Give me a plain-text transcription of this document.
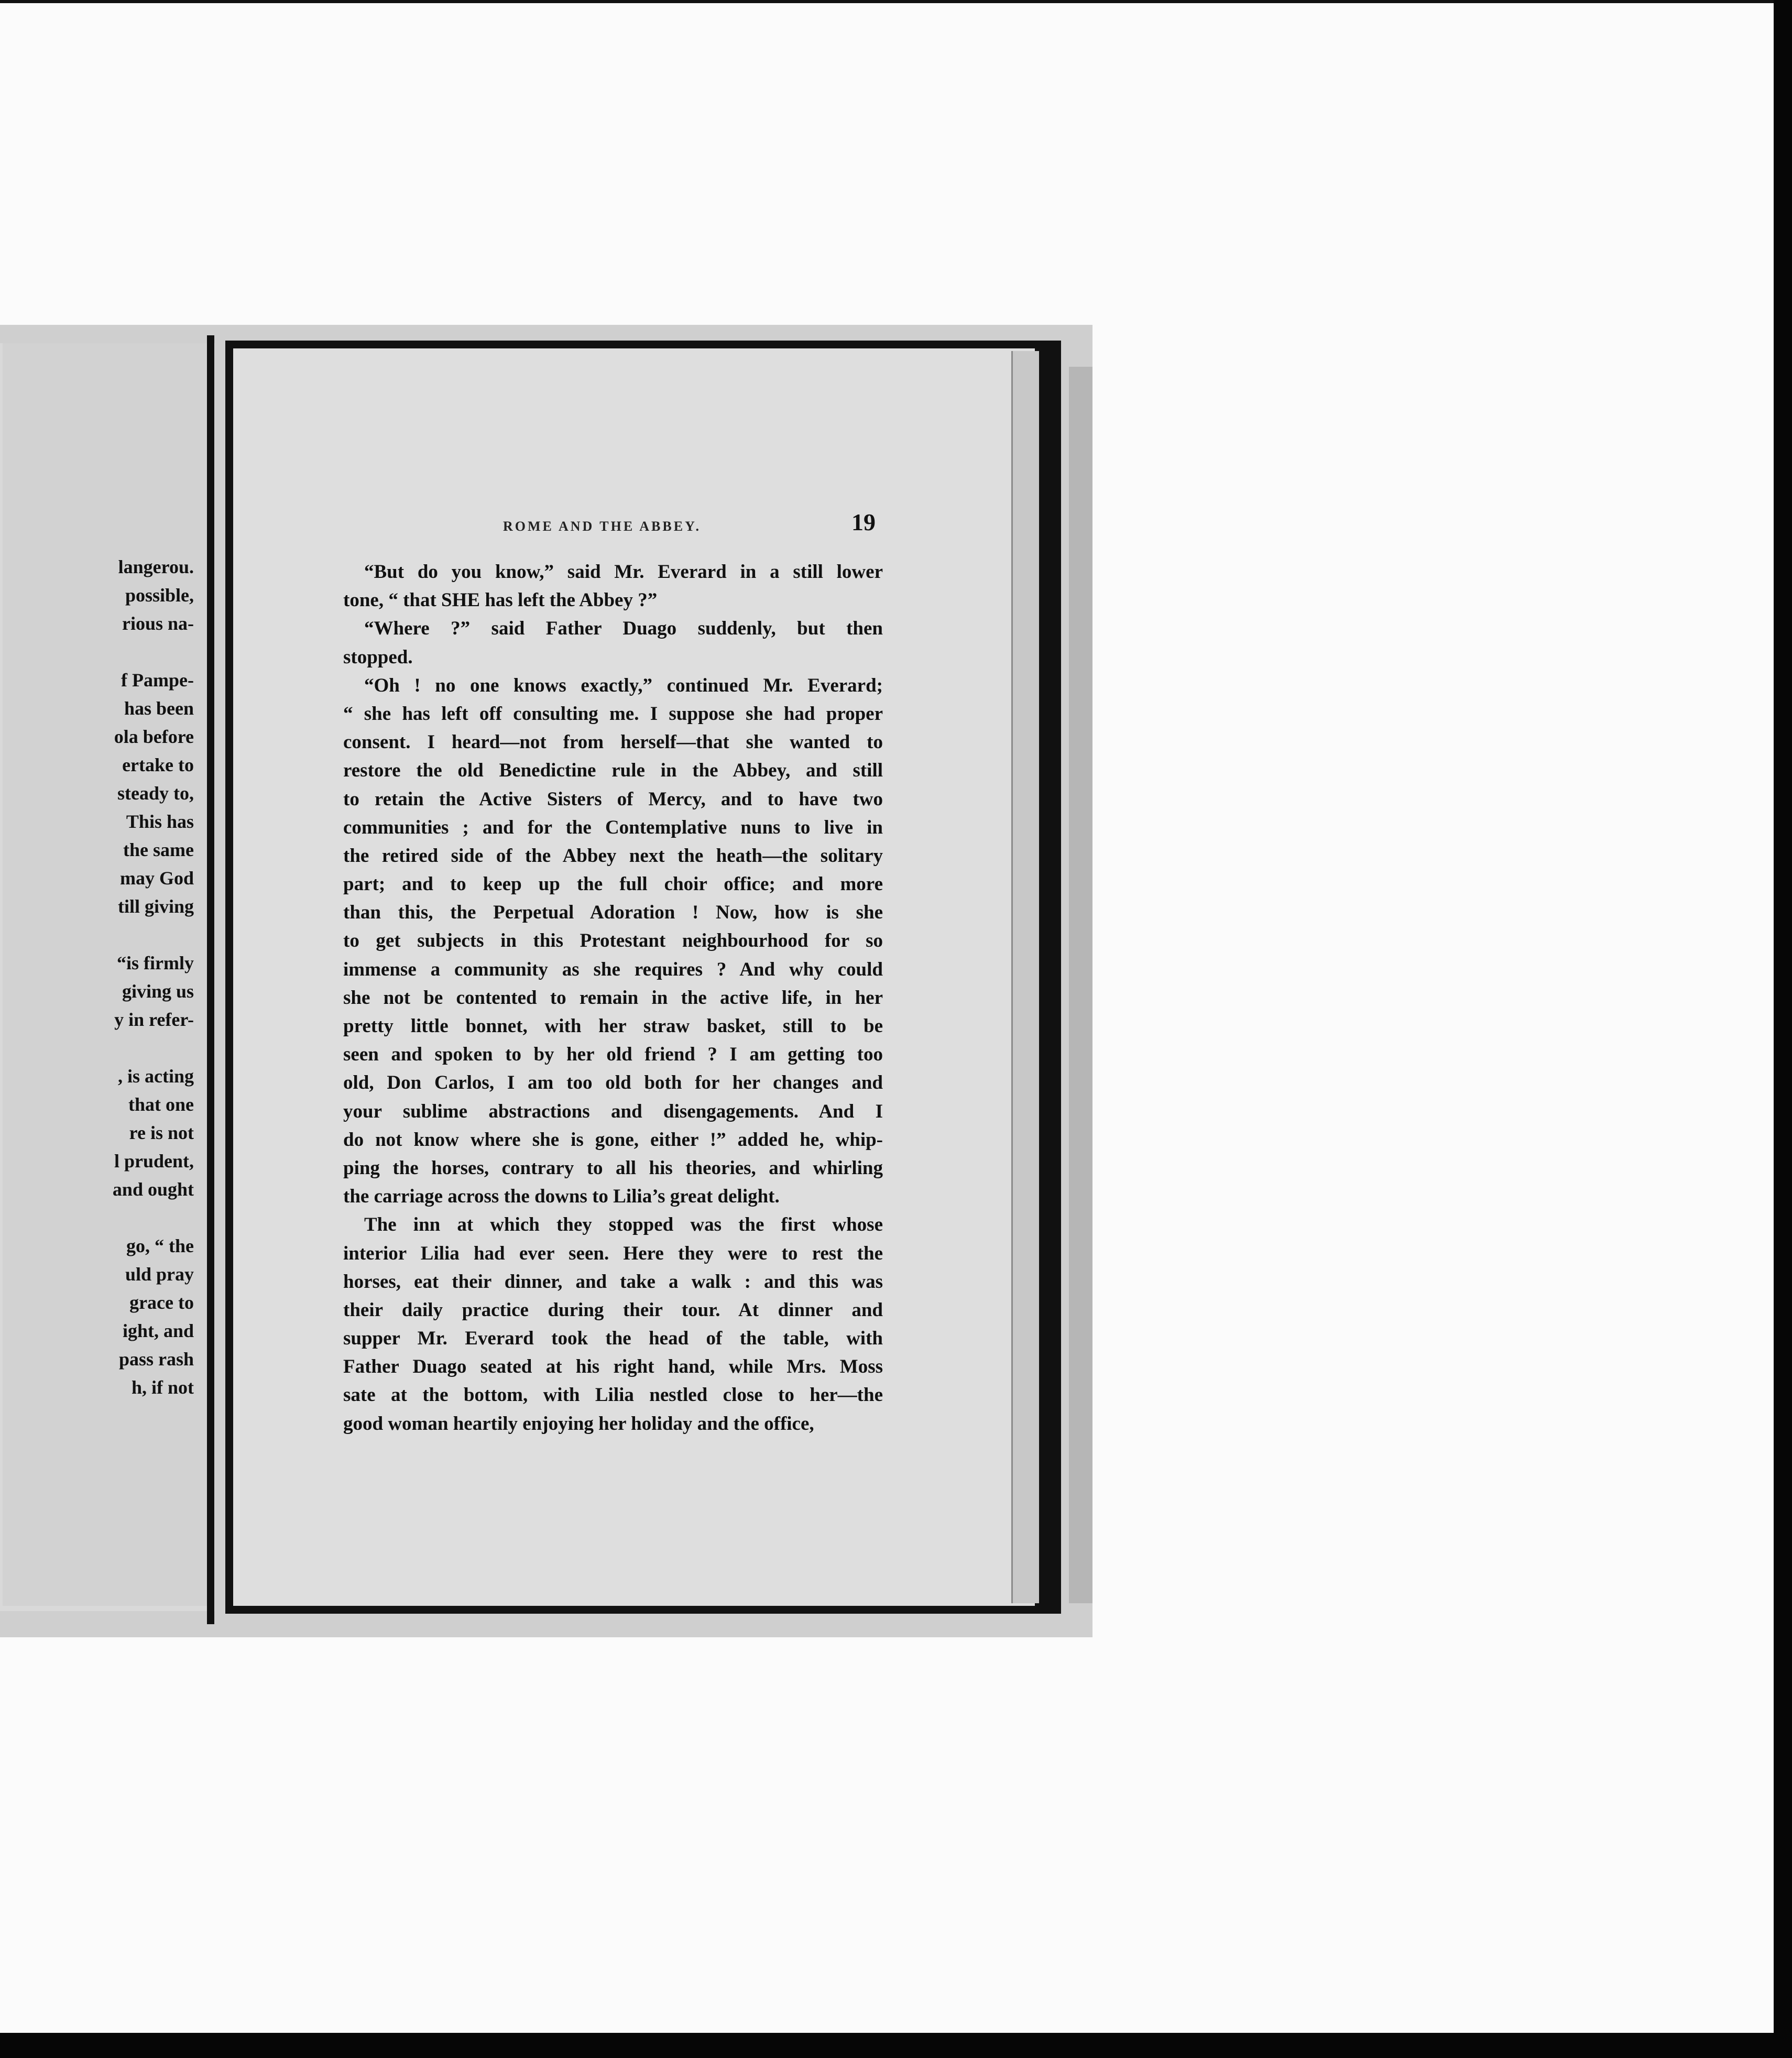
langerou.
possible,
rious na-
f Pampe-
has been
ola before
ertake to
steady to,
This has
the same
may God
till giving
“is firmly
giving us
y in refer-
, is acting
that one
re is not
l prudent,
and ought
go, “ the
uld pray
grace to
ight, and
pass rash
h, if not
ROME AND THE ABBEY.	19
“But do you know,” said Mr. Everard in a still lower
tone, “ that SHE has left the Abbey ?”
“Where ?” said Father Duago suddenly, but then
stopped.
“Oh ! no one knows exactly,” continued Mr. Everard;
“ she has left off consulting me. I suppose she had proper
consent. I heard—not from herself—that she wanted to
restore the old Benedictine rule in the Abbey, and still
to retain the Active Sisters of Mercy, and to have two
communities ; and for the Contemplative nuns to live in
the retired side of the Abbey next the heath—the solitary
part; and to keep up the full choir office; and more
than this, the Perpetual Adoration ! Now, how is she
to get subjects in this Protestant neighbourhood for so
immense a community as she requires ? And why could
she not be contented to remain in the active life, in her
pretty little bonnet, with her straw basket, still to be
seen and spoken to by her old friend ? I am getting too
old, Don Carlos, I am too old both for her changes and
your sublime abstractions and disengagements. And I
do not know where she is gone, either !” added he, whip-
ping the horses, contrary to all his theories, and whirling
the carriage across the downs to Lilia’s great delight.
The inn at which they stopped was the first whose
interior Lilia had ever seen. Here they were to rest the
horses, eat their dinner, and take a walk : and this was
their daily practice during their tour. At dinner and
supper Mr. Everard took the head of the table, with
Father Duago seated at his right hand, while Mrs. Moss
sate at the bottom, with Lilia nestled close to her—the
good woman heartily enjoying her holiday and the office,
